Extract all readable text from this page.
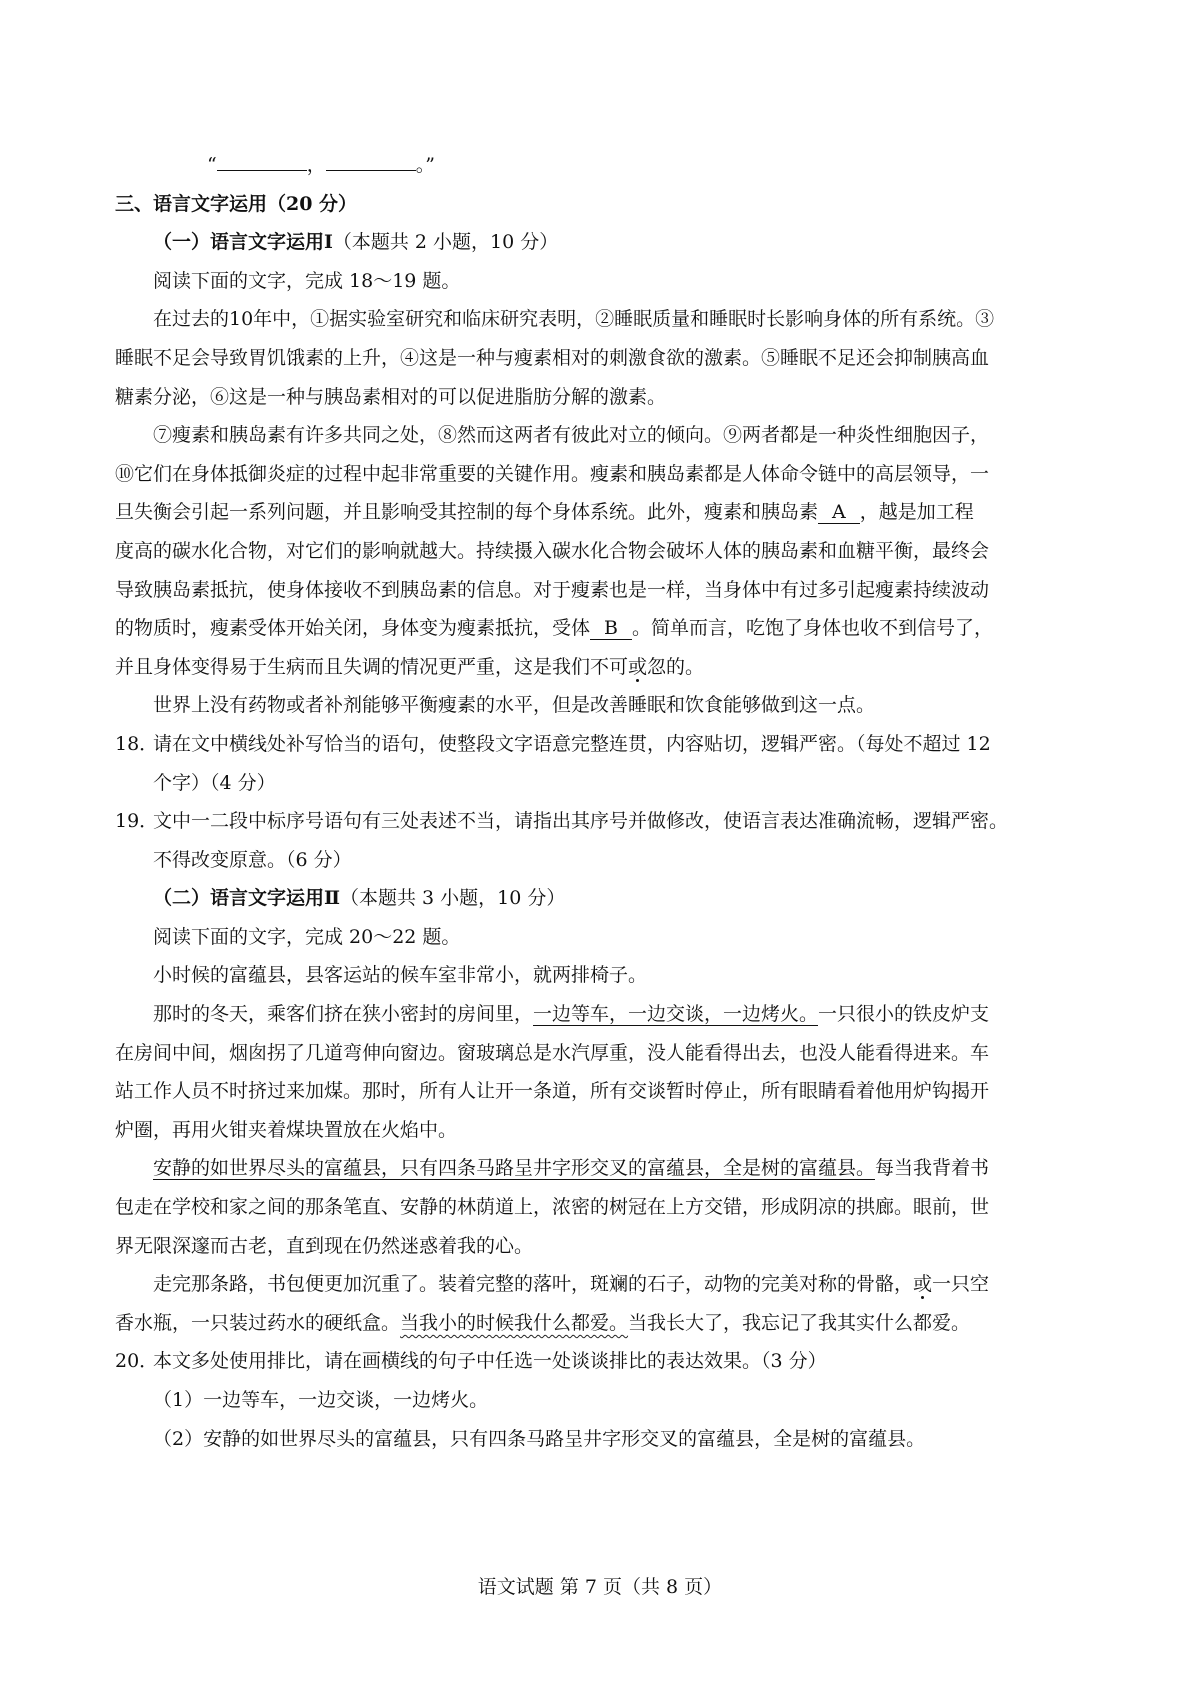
“	，	。”
三、语言文字运用（20 分）
（一）语言文字运用Ⅰ（本题共 2 小题，10 分）
阅读下面的文字，完成 18～19 题。
在过去的10年中，①据实验室研究和临床研究表明，②睡眠质量和睡眠时长影响身体的所有系统。③
睡眠不足会导致胃饥饿素的上升，④这是一种与瘦素相对的刺激食欲的激素。⑤睡眠不足还会抑制胰高血
糖素分泌，⑥这是一种与胰岛素相对的可以促进脂肪分解的激素。
⑦瘦素和胰岛素有许多共同之处，⑧然而这两者有彼此对立的倾向。⑨两者都是一种炎性细胞因子，
⑩它们在身体抵御炎症的过程中起非常重要的关键作用。瘦素和胰岛素都是人体命令链中的高层领导，一
旦失衡会引起一系列问题，并且影响受其控制的每个身体系统。此外，瘦素和胰岛素 A ，越是加工程
度高的碳水化合物，对它们的影响就越大。持续摄入碳水化合物会破坏人体的胰岛素和血糖平衡，最终会
导致胰岛素抵抗，使身体接收不到胰岛素的信息。对于瘦素也是一样，当身体中有过多引起瘦素持续波动
的物质时，瘦素受体开始关闭，身体变为瘦素抵抗，受体 B 。简单而言，吃饱了身体也收不到信号了，
并且身体变得易于生病而且失调的情况更严重，这是我们不可或忽的。
世界上没有药物或者补剂能够平衡瘦素的水平，但是改善睡眠和饮食能够做到这一点。
18．请在文中横线处补写恰当的语句，使整段文字语意完整连贯，内容贴切，逻辑严密。（每处不超过 12
个字）（4 分）
19．文中一二段中标序号语句有三处表述不当，请指出其序号并做修改，使语言表达准确流畅，逻辑严密。
不得改变原意。（6 分）
（二）语言文字运用Ⅱ（本题共 3 小题，10 分）
阅读下面的文字，完成 20～22 题。
小时候的富蕴县，县客运站的候车室非常小，就两排椅子。
那时的冬天，乘客们挤在狭小密封的房间里，一边等车，一边交谈，一边烤火。一只很小的铁皮炉支
在房间中间，烟囱拐了几道弯伸向窗边。窗玻璃总是水汽厚重，没人能看得出去，也没人能看得进来。车
站工作人员不时挤过来加煤。那时，所有人让开一条道，所有交谈暂时停止，所有眼睛看着他用炉钩揭开
炉圈，再用火钳夹着煤块置放在火焰中。
安静的如世界尽头的富蕴县，只有四条马路呈井字形交叉的富蕴县，全是树的富蕴县。每当我背着书
包走在学校和家之间的那条笔直、安静的林荫道上，浓密的树冠在上方交错，形成阴凉的拱廊。眼前，世
界无限深邃而古老，直到现在仍然迷惑着我的心。
走完那条路，书包便更加沉重了。装着完整的落叶，斑斓的石子，动物的完美对称的骨骼，或一只空
香水瓶，一只装过药水的硬纸盒。当我小的时候我什么都爱。当我长大了，我忘记了我其实什么都爱。
20．本文多处使用排比，请在画横线的句子中任选一处谈谈排比的表达效果。（3 分）
（1）一边等车，一边交谈，一边烤火。
（2）安静的如世界尽头的富蕴县，只有四条马路呈井字形交叉的富蕴县，全是树的富蕴县。
语文试题 第 7 页（共 8 页）
